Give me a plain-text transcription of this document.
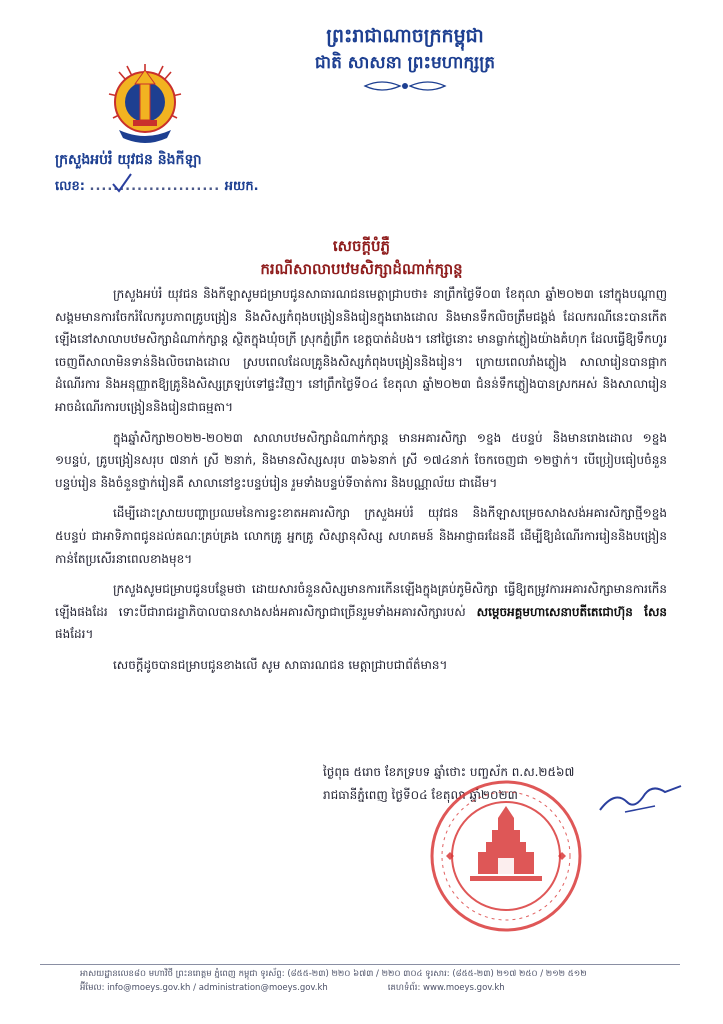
ព្រះរាជាណាចក្រកម្ពុជា
ជាតិ សាសនា ព្រះមហាក្សត្រ
ក្រសួងអប់រំ យុវជន និងកីឡា
លេខ: ...................... អយក.
សេចក្តីបំភ្លឺ
ករណីសាលាបឋមសិក្សាដំណាក់ក្សាន្ត

ក្រសួងអប់រំ យុវជន និងកីឡាសូមជម្រាបជូនសាធារណជនមេត្តាជ្រាបថា៖ នាព្រឹកថ្ងៃទី០៣ ខែតុលា ឆ្នាំ២០២៣ នៅក្នុងបណ្តាញសង្គមមានការចែករំលែករូបភាពគ្រូបង្រៀន និងសិស្សកំពុងបង្រៀននិងរៀនក្នុងរោងដោល និងមានទឹកលិចត្រឹមជង្គង់ ដែលករណីនេះបានកើតឡើងនៅសាលាបឋមសិក្សាដំណាក់ក្សាន្ត ស្ថិតក្នុងឃុំចក្រី ស្រុកភ្នំព្រឹក ខេត្តបាត់ដំបង។ នៅថ្ងៃនោះ មានធ្លាក់ភ្លៀងយ៉ាងគំហុក ដែលធ្វើឱ្យទឹកហូរចេញពីសាលាមិនទាន់និងលិចរោងដោល ស្របពេលដែលគ្រូនិងសិស្សកំពុងបង្រៀននិងរៀន។ ក្រោយពេលរាំងភ្លៀង សាលារៀនបានផ្អាកដំណើរការ និងអនុញ្ញាតឱ្យគ្រូនិងសិស្សត្រឡប់ទៅផ្ទះវិញ។ នៅព្រឹកថ្ងៃទី០៤ ខែតុលា ឆ្នាំ២០២៣ ជំនន់ទឹកភ្លៀងបានស្រកអស់ និងសាលារៀនអាចដំណើរការបង្រៀននិងរៀនជាធម្មតា។

ក្នុងឆ្នាំសិក្សា២០២២-២០២៣ សាលាបឋមសិក្សាដំណាក់ក្សាន្ត មានអគារសិក្សា ១ខ្នង ៥បន្ទប់ និងមានរោងដោល ១ខ្នង ១បន្ទប់, គ្រូបង្រៀនសរុប ៧នាក់ ស្រី ២នាក់, និងមានសិស្សសរុប ៣៦៦នាក់ ស្រី ១៧៤នាក់ ចែកចេញជា ១២ថ្នាក់។ បើប្រៀបធៀបចំនួនបន្ទប់រៀន និងចំនួនថ្នាក់រៀនគឺ សាលានៅខ្វះបន្ទប់រៀន រួមទាំងបន្ទប់ទីចាត់ការ និងបណ្ណាល័យ ជាដើម។

ដើម្បីដោះស្រាយបញ្ហាប្រឈមនៃការខ្វះខាតអគារសិក្សា ក្រសួងអប់រំ យុវជន និងកីឡាសម្រេចសាងសង់អគារសិក្សាថ្មី១ខ្នង ៥បន្ទប់ ជាអាទិភាពជូនដល់គណៈគ្រប់គ្រង លោកគ្រូ អ្នកគ្រូ សិស្សានុសិស្ស សហគមន៍ និងអាជ្ញាធរដែនដី ដើម្បីឱ្យដំណើរការរៀននិងបង្រៀនកាន់តែប្រសើរនាពេលខាងមុខ។

ក្រសួងសូមជម្រាបជូនបន្ថែមថា ដោយសារចំនួនសិស្សមានការកើនឡើងក្នុងគ្រប់ភូមិសិក្សា ធ្វើឱ្យតម្រូវការអគារសិក្សាមានការកើនឡើងផងដែរ ទោះបីជារាជរដ្ឋាភិបាលបានសាងសង់អគារសិក្សាជាច្រើនរួមទាំងអគារសិក្សារបស់ សម្តេចអគ្គមហាសេនាបតីតេជោហ៊ុន សែន ផងដែរ។

សេចក្តីដូចបានជម្រាបជូនខាងលើ សូម សាធារណជន មេត្តាជ្រាបជាព័ត៌មាន។

ថ្ងៃពុធ ៥រោច ខែភទ្របទ ឆ្នាំថោះ បញ្ចស័ក ព.ស.២៥៦៧
រាជធានីភ្នំពេញ ថ្ងៃទី០៤ ខែតុលា ឆ្នាំ២០២៣
អាសយដ្ឋានលេខ៨០ មហាវិថី ព្រះនរោត្តម ភ្នំពេញ កម្ពុជា ទូរស័ព្ទ: (៨៥៥-២៣) ២២០ ៦៧៣ / ២២០ ៣០៤ ទូរសារ: (៨៥៥-២៣) ២១៧ ២៥០ / ២១២ ៥១២
អ៊ីមែល: info@moeys.gov.kh / administration@moeys.gov.kh	គេហទំព័រ: www.moeys.gov.kh
